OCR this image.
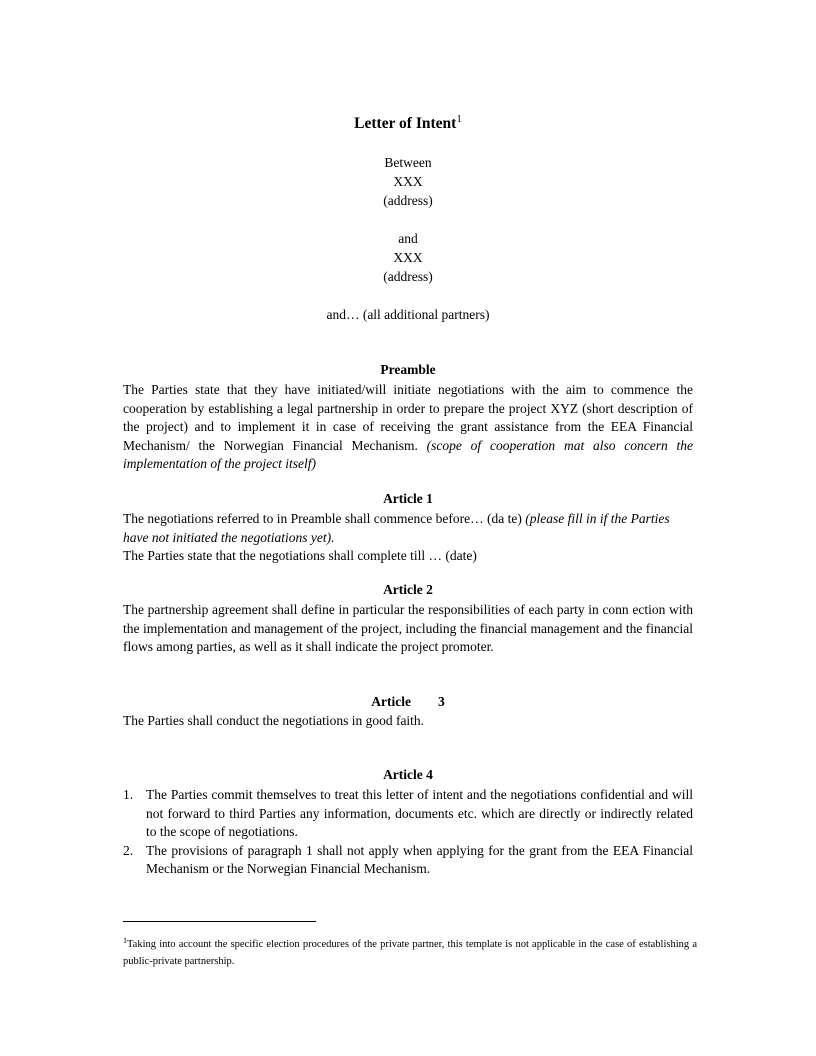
Letter of Intent$^1$
Between
XXX
(address)
and
XXX
(address)
and… (all additional partners)
Preamble
The Parties state that they have initiated/will initiate negotiations with the aim to commence the cooperation by establishing a legal partnership in order to prepare the project XYZ (short description of the project) and to implement it in case of receiving the grant assistance from the EEA Financial Mechanism/ the Norwegian Financial Mechanism. (scope of cooperation mat also concern the implementation of the project itself)
Article 1
The negotiations referred to in Preamble shall commence before… (da te) (please fill in if the Parties have not initiated the negotiations yet).
The Parties state that the negotiations shall complete till … (date)
Article 2
The partnership agreement shall define in particular the responsibilities of each party in conn ection with the implementation and management of the project, including the financial management and the financial flows among parties, as well as it shall indicate the project promoter.
Article        3
The Parties shall conduct the negotiations in good faith.
Article 4
1. The Parties commit themselves to treat this letter of intent and the negotiations confidential and will not forward to third Parties any information, documents etc. which are directly or indirectly related to the scope of negotiations.
2. The provisions of paragraph 1 shall not apply when applying for the grant from the EEA Financial Mechanism or the Norwegian Financial Mechanism.
$^1$Taking into account the specific election procedures of the private partner, this template is not applicable in the case of establishing a public-private partnership.
